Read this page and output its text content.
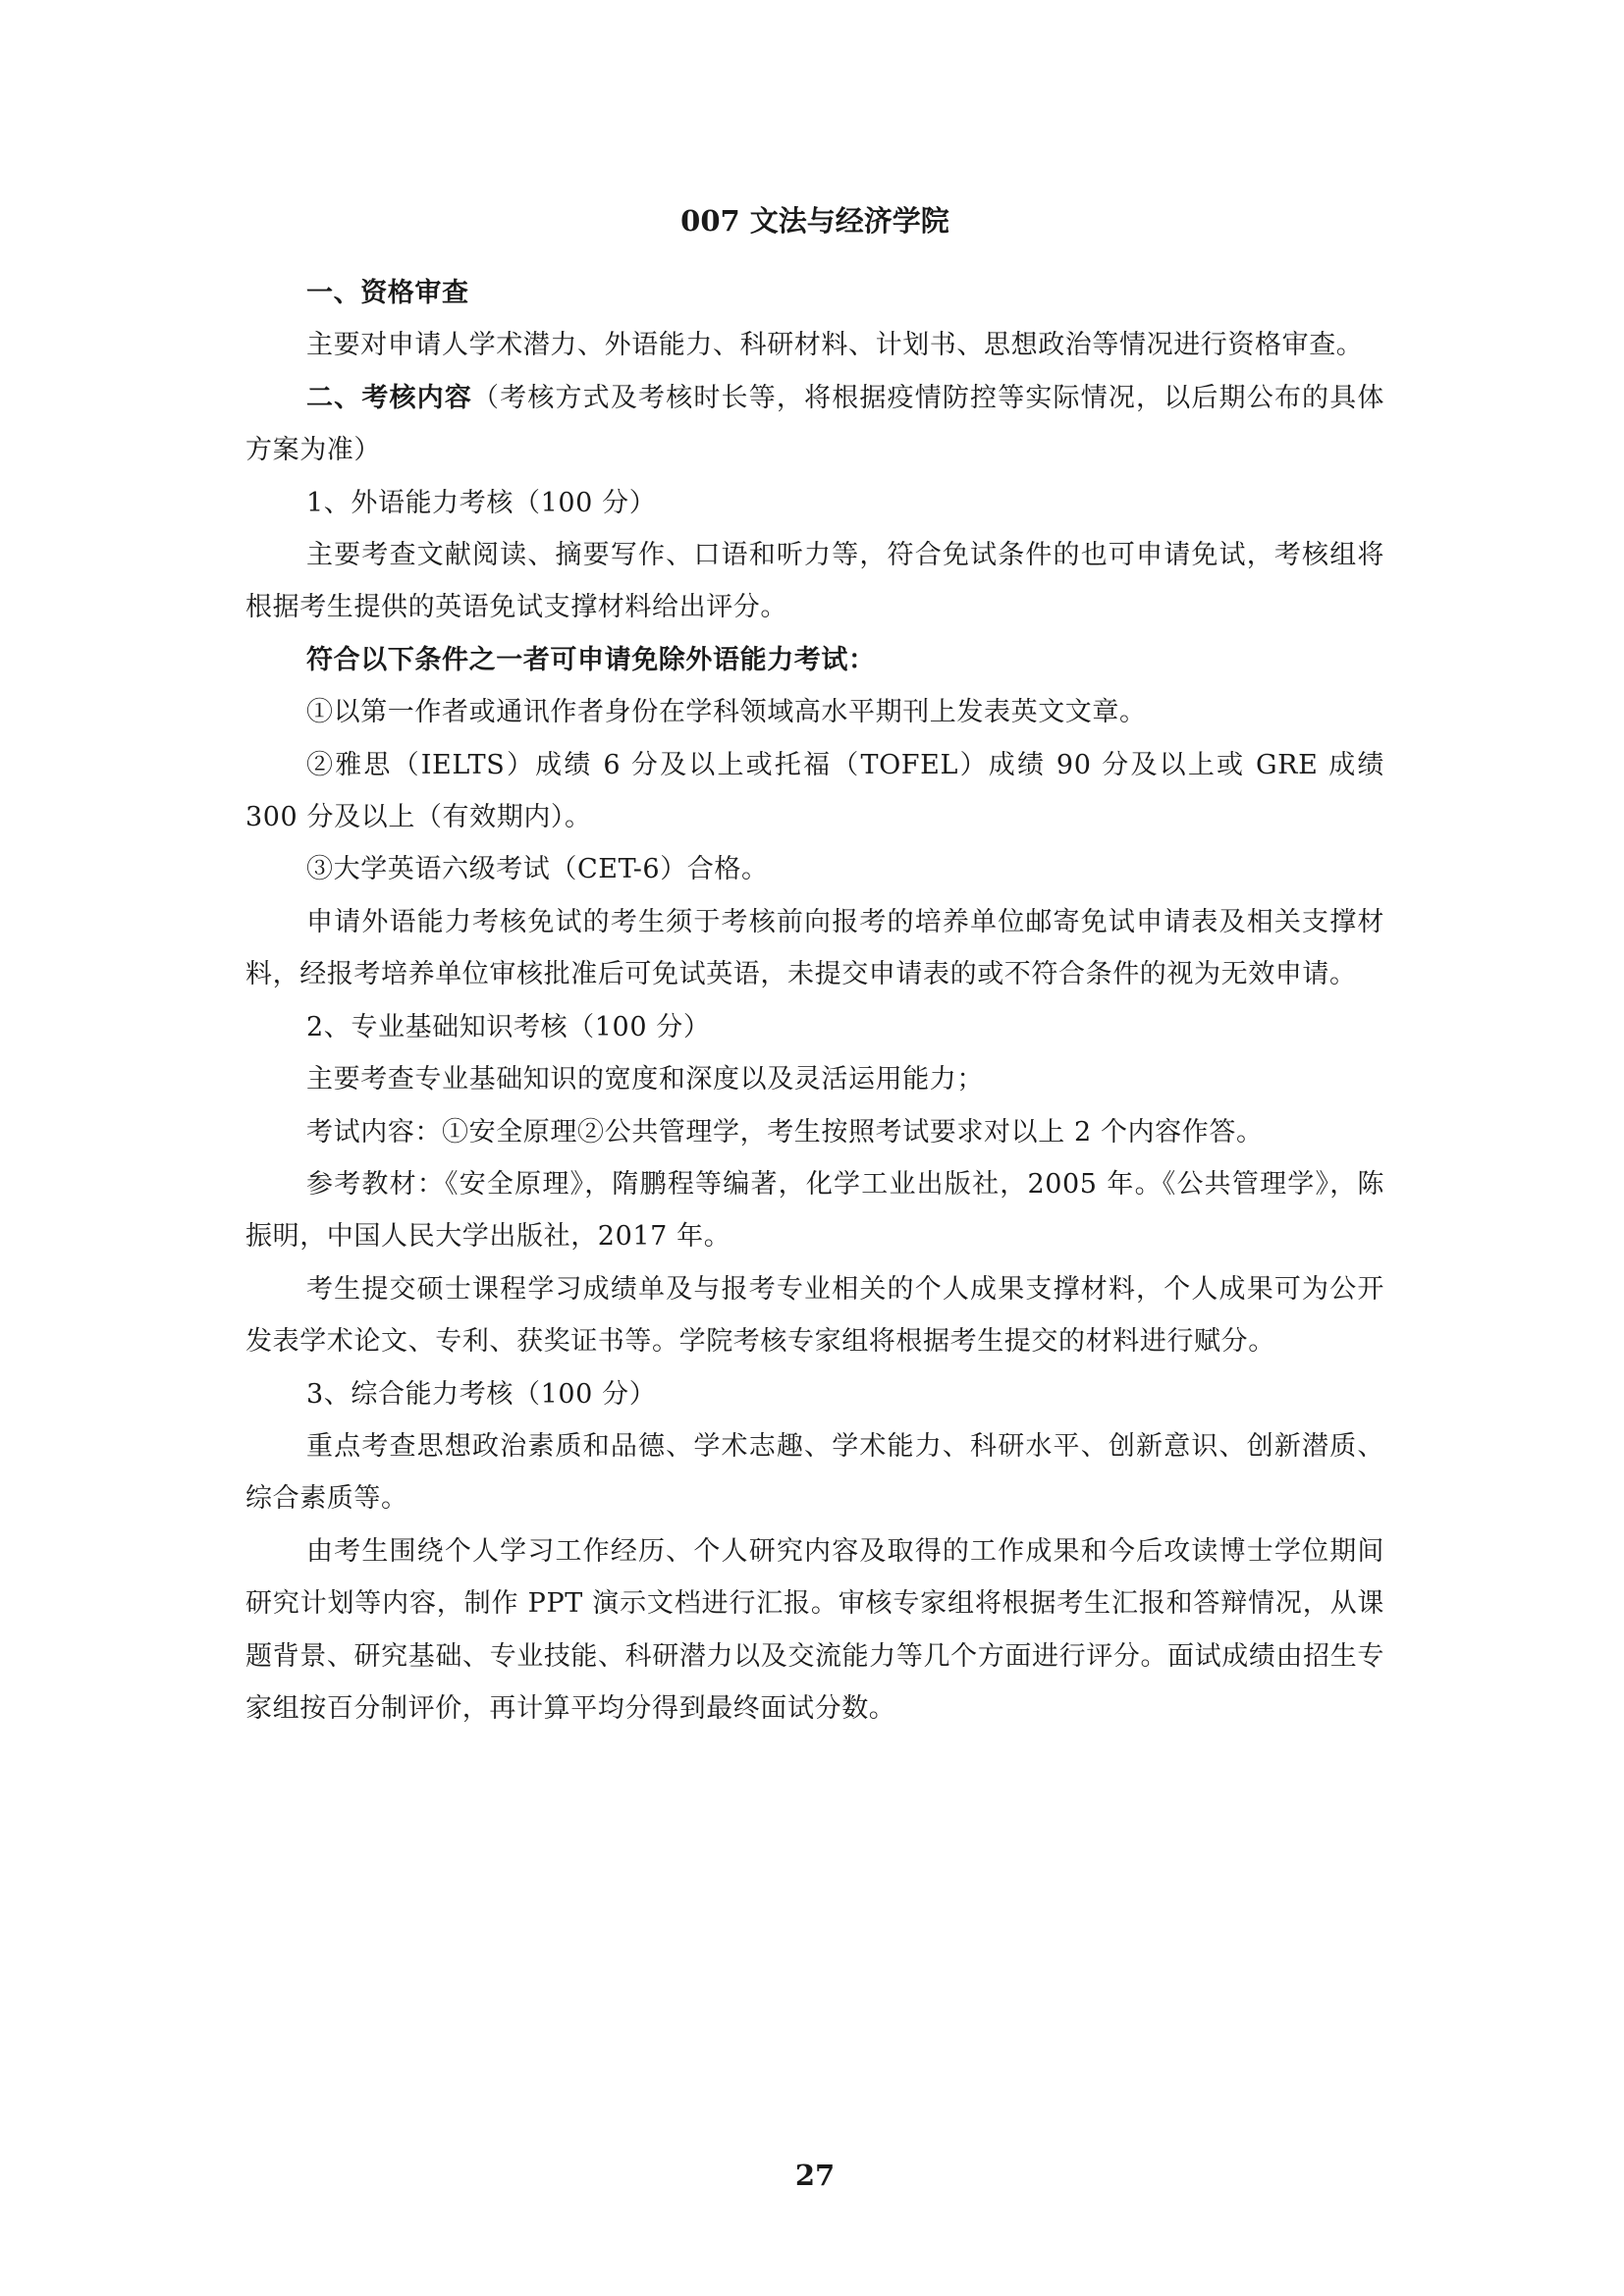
007 文法与经济学院

一、资格审查

主要对申请人学术潜力、外语能力、科研材料、计划书、思想政治等情况进行资格审查。

二、考核内容（考核方式及考核时长等，将根据疫情防控等实际情况，以后期公布的具体方案为准）

1、外语能力考核（100 分）

主要考查文献阅读、摘要写作、口语和听力等，符合免试条件的也可申请免试，考核组将根据考生提供的英语免试支撑材料给出评分。

符合以下条件之一者可申请免除外语能力考试：

①以第一作者或通讯作者身份在学科领域高水平期刊上发表英文文章。

②雅思（IELTS）成绩 6 分及以上或托福（TOFEL）成绩 90 分及以上或 GRE 成绩 300 分及以上（有效期内）。

③大学英语六级考试（CET-6）合格。

申请外语能力考核免试的考生须于考核前向报考的培养单位邮寄免试申请表及相关支撑材料，经报考培养单位审核批准后可免试英语，未提交申请表的或不符合条件的视为无效申请。

2、专业基础知识考核（100 分）

主要考查专业基础知识的宽度和深度以及灵活运用能力；

考试内容：①安全原理②公共管理学，考生按照考试要求对以上 2 个内容作答。

参考教材：《安全原理》，隋鹏程等编著，化学工业出版社，2005 年。《公共管理学》，陈振明，中国人民大学出版社，2017 年。

考生提交硕士课程学习成绩单及与报考专业相关的个人成果支撑材料，个人成果可为公开发表学术论文、专利、获奖证书等。学院考核专家组将根据考生提交的材料进行赋分。

3、综合能力考核（100 分）

重点考查思想政治素质和品德、学术志趣、学术能力、科研水平、创新意识、创新潜质、综合素质等。

由考生围绕个人学习工作经历、个人研究内容及取得的工作成果和今后攻读博士学位期间研究计划等内容，制作 PPT 演示文档进行汇报。审核专家组将根据考生汇报和答辩情况，从课题背景、研究基础、专业技能、科研潜力以及交流能力等几个方面进行评分。面试成绩由招生专家组按百分制评价，再计算平均分得到最终面试分数。

27
